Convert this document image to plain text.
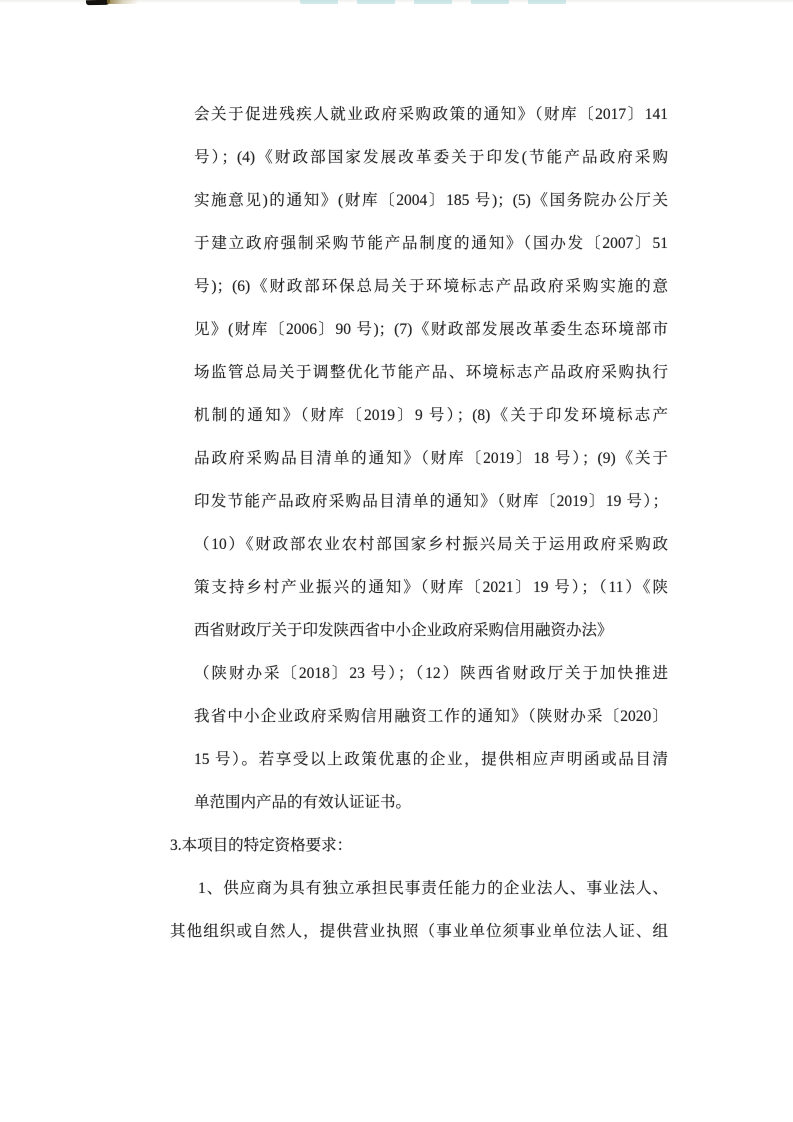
会关于促进残疾人就业政府采购政策的通知》（财库〔2017〕141
号）；(4)《财政部国家发展改革委关于印发(节能产品政府采购
实施意见)的通知》(财库〔2004〕185 号)；(5)《国务院办公厅关
于建立政府强制采购节能产品制度的通知》（国办发〔2007〕51
号)；(6)《财政部环保总局关于环境标志产品政府采购实施的意
见》(财库〔2006〕90 号)；(7)《财政部发展改革委生态环境部市
场监管总局关于调整优化节能产品、环境标志产品政府采购执行
机制的通知》（财库〔2019〕9 号）；(8)《关于印发环境标志产
品政府采购品目清单的通知》（财库〔2019〕18 号）；(9)《关于
印发节能产品政府采购品目清单的通知》（财库〔2019〕19 号）；
（10）《财政部农业农村部国家乡村振兴局关于运用政府采购政
策支持乡村产业振兴的通知》（财库〔2021〕19 号）；（11）《陕
西省财政厅关于印发陕西省中小企业政府采购信用融资办法》
（陕财办采〔2018〕23 号）；（12）陕西省财政厅关于加快推进
我省中小企业政府采购信用融资工作的通知》（陕财办采〔2020〕
15 号）。若享受以上政策优惠的企业，提供相应声明函或品目清
单范围内产品的有效认证证书。
3.本项目的特定资格要求：
1、供应商为具有独立承担民事责任能力的企业法人、事业法人、
其他组织或自然人，提供营业执照（事业单位须事业单位法人证、组
